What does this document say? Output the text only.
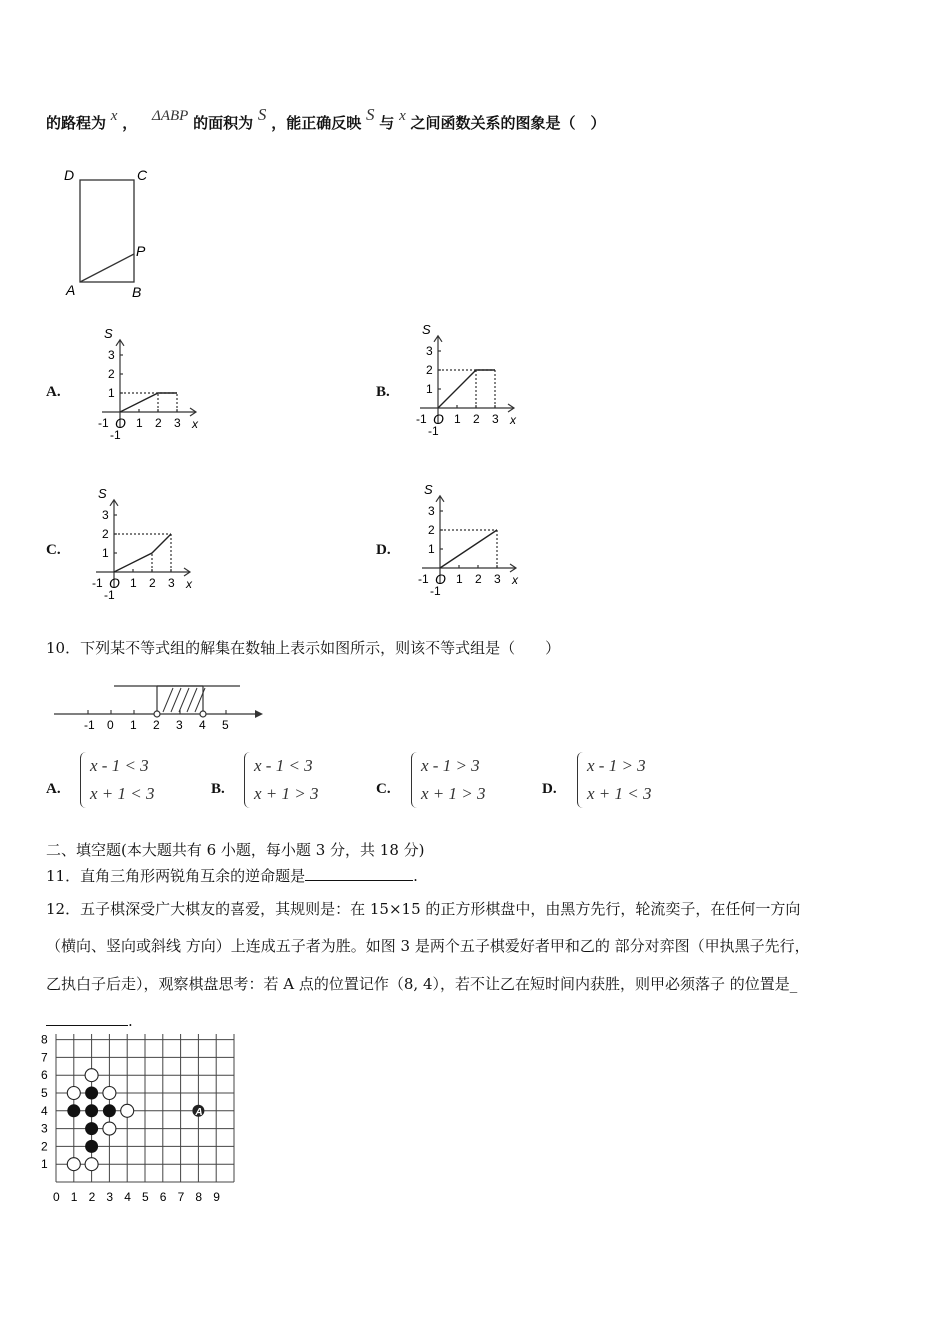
的路程为 x ， ΔABP 的面积为 S ，能正确反映 S 与 x 之间函数关系的图象是（　）
D	C
A	B
P
A.	B.
C.	D.
S
x
-1 O
-1
1
1
2
2
3
3
S
x
-1 O
-1
1
1
2
2
3
3
S
x
-1 O
-1
1
1
2
2
3
3
S
x
-1 O
-1
1
1
2
2
3
3
10．下列某不等式组的解集在数轴上表示如图所示，则该不等式组是（　　）
-1 0 1 2 3 4 5
A.
x - 1 < 3
x + 1 < 3	B.
x - 1 < 3
x + 1 > 3	C.
x - 1 > 3
x + 1 > 3	D.
x - 1 > 3
x + 1 < 3
二、填空题(本大题共有 6 小题，每小题 3 分，共 18 分)
11．直角三角形两锐角互余的逆命题是	.
12．五子棋深受广大棋友的喜爱，其规则是：在 15×15 的正方形棋盘中，由黑方先行，轮流奕子，在任何一方向
（横向、竖向或斜线 方向）上连成五子者为胜。如图 3 是两个五子棋爱好者甲和乙的 部分对弈图（甲执黑子先行，
乙执白子后走），观察棋盘思考：若 A 点的位置记作（8, 4），若不让乙在短时间内获胜，则甲必须落子 的位置是_
.
0 1 2 3 4 5 6 7 8 9
1
2
3
4
5
6
7
8
A
